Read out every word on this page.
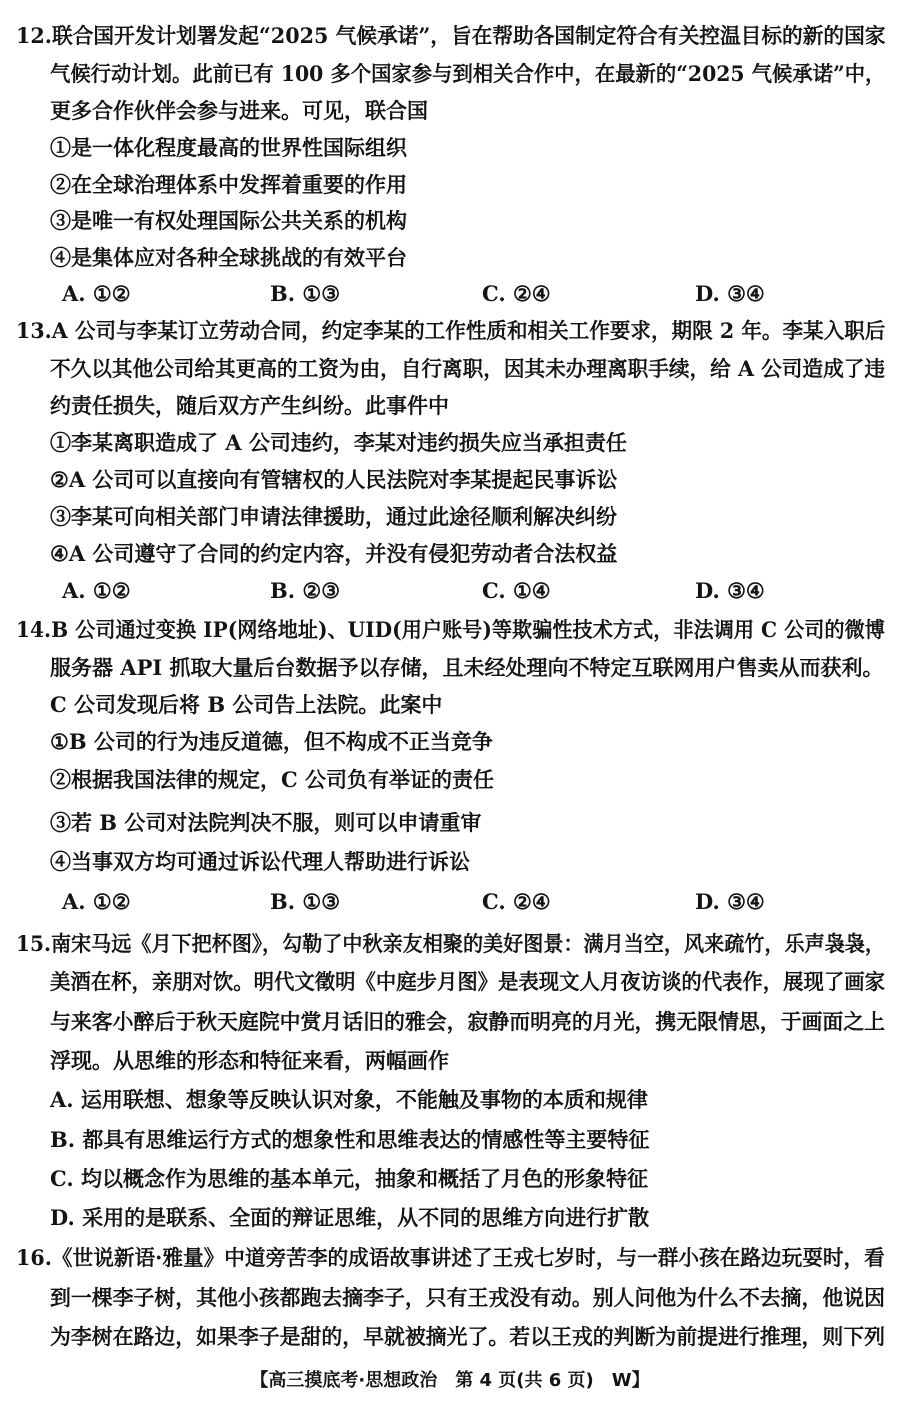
12.联合国开发计划署发起“2025 气候承诺”，旨在帮助各国制定符合有关控温目标的新的国家
气候行动计划。此前已有 100 多个国家参与到相关合作中，在最新的“2025 气候承诺”中，
更多合作伙伴会参与进来。可见，联合国
①是一体化程度最高的世界性国际组织
②在全球治理体系中发挥着重要的作用
③是唯一有权处理国际公共关系的机构
④是集体应对各种全球挑战的有效平台
A. ①②	B. ①③	C. ②④	D. ③④
13.A 公司与李某订立劳动合同，约定李某的工作性质和相关工作要求，期限 2 年。李某入职后
不久以其他公司给其更高的工资为由，自行离职，因其未办理离职手续，给 A 公司造成了违
约责任损失，随后双方产生纠纷。此事件中
①李某离职造成了 A 公司违约，李某对违约损失应当承担责任
②A 公司可以直接向有管辖权的人民法院对李某提起民事诉讼
③李某可向相关部门申请法律援助，通过此途径顺利解决纠纷
④A 公司遵守了合同的约定内容，并没有侵犯劳动者合法权益
A. ①②	B. ②③	C. ①④	D. ③④
14.B 公司通过变换 IP(网络地址)、UID(用户账号)等欺骗性技术方式，非法调用 C 公司的微博
服务器 API 抓取大量后台数据予以存储，且未经处理向不特定互联网用户售卖从而获利。
C 公司发现后将 B 公司告上法院。此案中
①B 公司的行为违反道德，但不构成不正当竞争
②根据我国法律的规定，C 公司负有举证的责任
③若 B 公司对法院判决不服，则可以申请重审
④当事双方均可通过诉讼代理人帮助进行诉讼
A. ①②	B. ①③	C. ②④	D. ③④
15.南宋马远《月下把杯图》，勾勒了中秋亲友相聚的美好图景：满月当空，风来疏竹，乐声袅袅，
美酒在杯，亲朋对饮。明代文徵明《中庭步月图》是表现文人月夜访谈的代表作，展现了画家
与来客小醉后于秋天庭院中赏月话旧的雅会，寂静而明亮的月光，携无限情思，于画面之上
浮现。从思维的形态和特征来看，两幅画作
A. 运用联想、想象等反映认识对象，不能触及事物的本质和规律
B. 都具有思维运行方式的想象性和思维表达的情感性等主要特征
C. 均以概念作为思维的基本单元，抽象和概括了月色的形象特征
D. 采用的是联系、全面的辩证思维，从不同的思维方向进行扩散
16.《世说新语·雅量》中道旁苦李的成语故事讲述了王戎七岁时，与一群小孩在路边玩耍时，看
到一棵李子树，其他小孩都跑去摘李子，只有王戎没有动。别人问他为什么不去摘，他说因
为李树在路边，如果李子是甜的，早就被摘光了。若以王戎的判断为前提进行推理，则下列
【高三摸底考·思想政治　第 4 页(共 6 页)　W】
